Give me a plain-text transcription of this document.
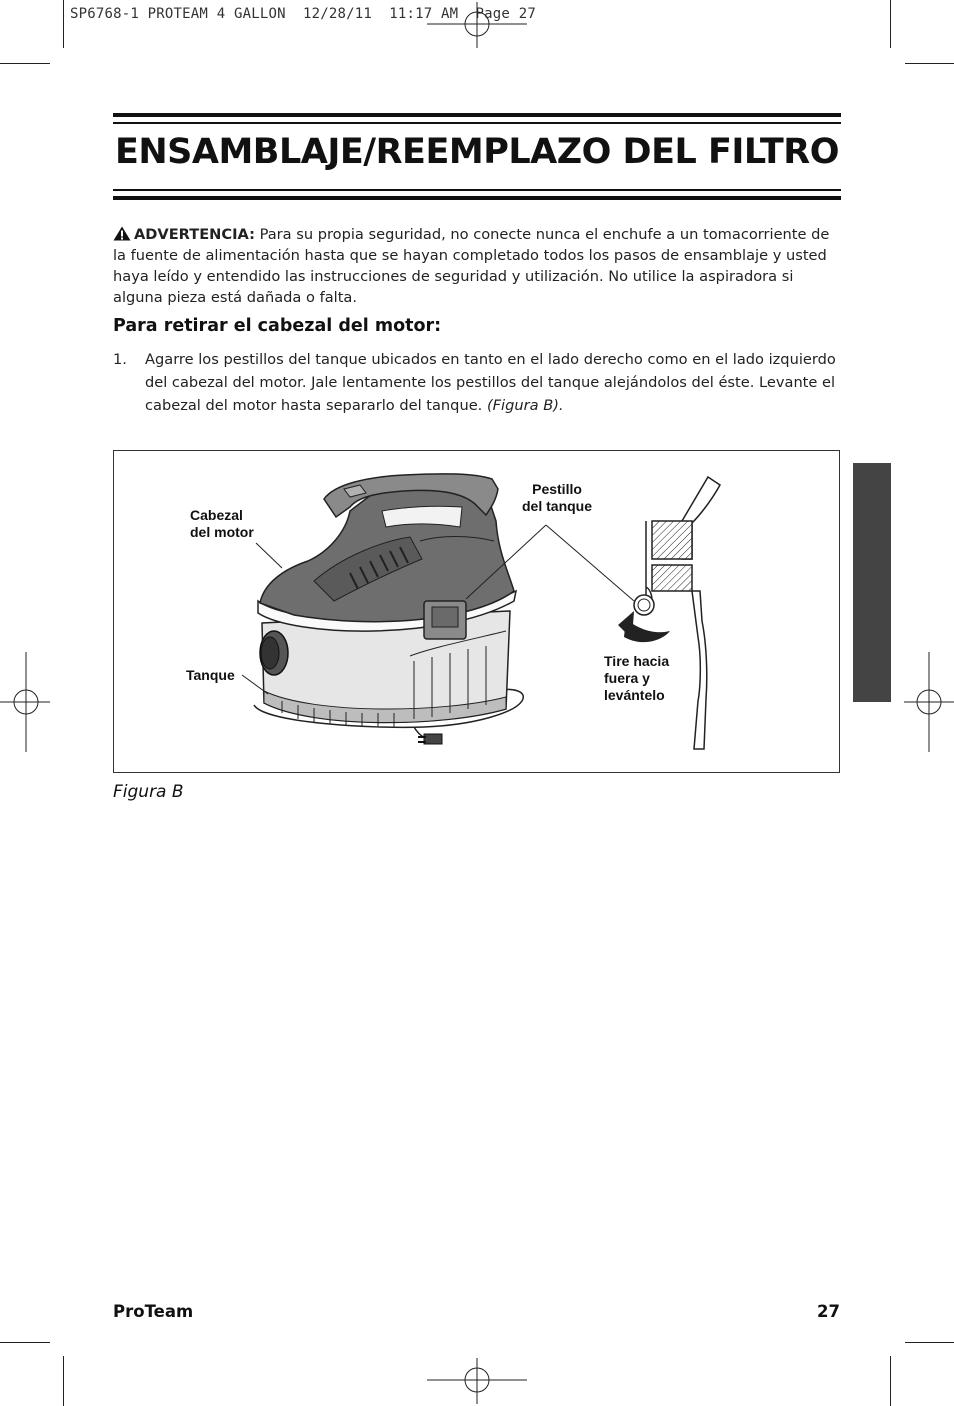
SP6768-1 PROTEAM 4 GALLON  12/28/11  11:17 AM  Page 27
ENSAMBLAJE/REEMPLAZO DEL FILTRO

ADVERTENCIA: Para su propia seguridad, no conecte nunca el enchufe a un tomacorriente de la fuente de alimentación hasta que se hayan completado todos los pasos de ensamblaje y usted haya leído y entendido las instrucciones de seguridad y utilización. No utilice la aspiradora si alguna pieza está dañada o falta.

Para retirar el cabezal del motor:
1. Agarre los pestillos del tanque ubicados en tanto en el lado derecho como en el lado izquierdo del cabezal del motor. Jale lentamente los pestillos del tanque alejándolos del éste. Levante el cabezal del motor hasta separarlo del tanque. (Figura B).
Cabezal
del motor
Tanque
Pestillo
del tanque
Tire hacia
fuera y
levántelo
Figura B
ProTeam	27
